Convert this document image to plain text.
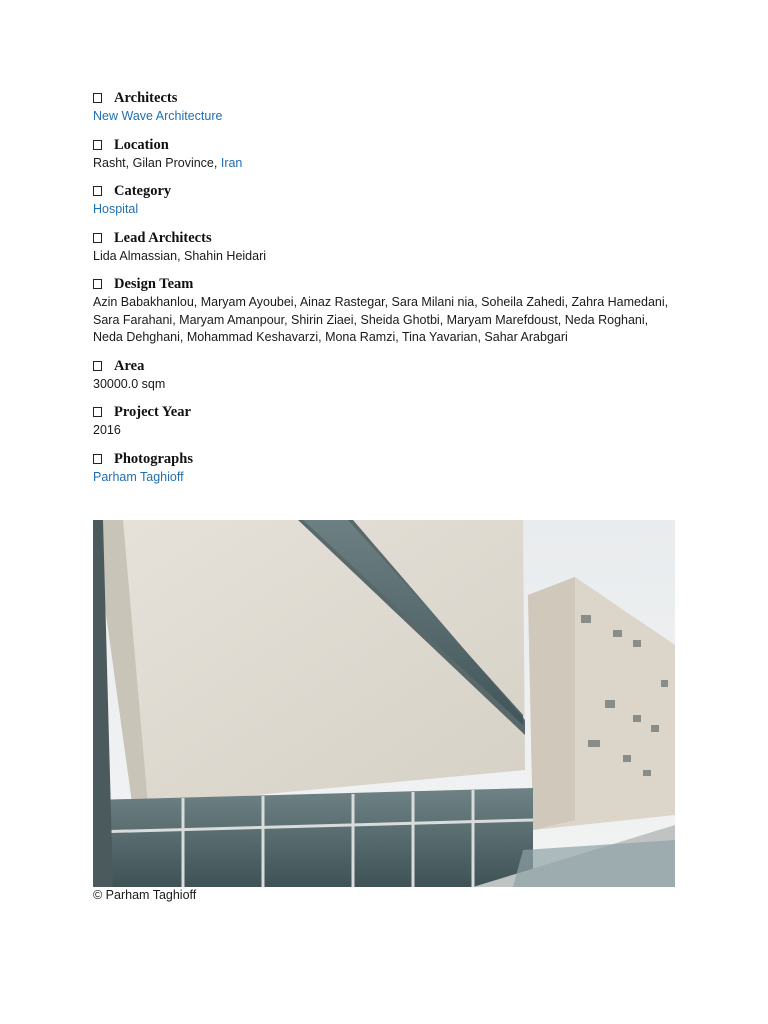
Architects
New Wave Architecture
Location
Rasht, Gilan Province, Iran
Category
Hospital
Lead Architects
Lida Almassian, Shahin Heidari
Design Team
Azin Babakhanlou, Maryam Ayoubei, Ainaz Rastegar, Sara Milani nia, Soheila Zahedi, Zahra Hamedani, Sara Farahani, Maryam Amanpour, Shirin Ziaei, Sheida Ghotbi, Maryam Marefdoust, Neda Roghani, Neda Dehghani, Mohammad Keshavarzi, Mona Ramzi, Tina Yavarian, Sahar Arabgari
Area
30000.0 sqm
Project Year
2016
Photographs
Parham Taghioff
© Parham Taghioff
